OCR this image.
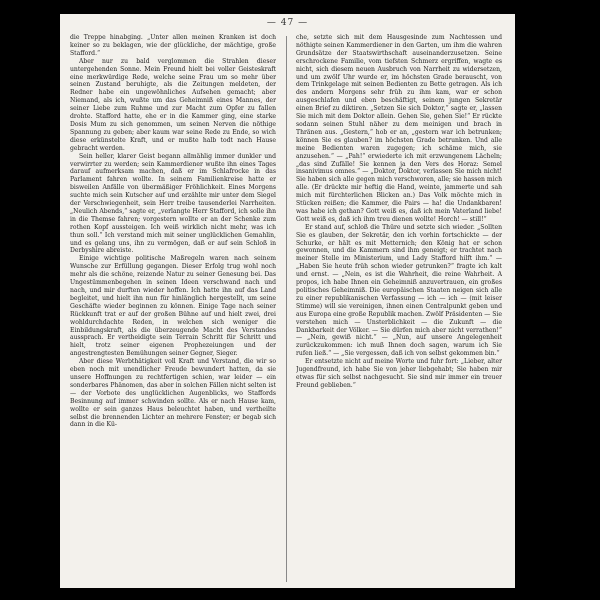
— 47 —

die Treppe hinabging. „Unter allen meinen Kranken ist doch keiner so zu beklagen, wie der glückliche, der mächtige, große Stafford.“

Aber nur zu bald verglommen die Strahlen dieser untergehenden Sonne. Mein Freund hielt bei voller Geisteskraft eine merkwürdige Rede, welche seine Frau um so mehr über seinen Zustand beruhigte, als die Zeitungen meldeten, der Redner habe ein ungewöhnliches Aufsehen gemacht; aber Niemand, als ich, wußte um das Geheimniß eines Mannes, der seiner Liebe zum Ruhme und zur Macht zum Opfer zu fallen drohte. Stafford hatte, ehe er in die Kammer ging, eine starke Dosis Mum zu sich genommen, um seinen Nerven die nöthige Spannung zu geben; aber kaum war seine Rede zu Ende, so wich diese erkünstelte Kraft, und er mußte halb todt nach Hause gebracht werden.

Sein heller, klarer Geist begann allmählig immer dunkler und verwirrter zu werden; sein Kammerdiener wußte ihn eines Tages darauf aufmerksam machen, daß er im Schlafrocke in das Parlament fahren wollte. In seinem Familienkreise hatte er bisweilen Anfälle von übermäßiger Fröhlichkeit. Eines Morgens suchte mich sein Kutscher auf und erzählte mir unter dem Siegel der Verschwiegenheit, sein Herr treibe tausenderlei Narrheiten. „Neulich Abends,“ sagte er, „verlangte Herr Stafford, ich solle ihn in die Themse fahren; vorgestern wollte er an der Schenke zum rothen Kopf aussteigen. Ich weiß wirklich nicht mehr, was ich thun soll.“ Ich verstand mich mit seiner unglücklichen Gemahlin, und es gelang uns, ihn zu vermögen, daß er auf sein Schloß in Derbyshire abreiste.

Einige wichtige politische Maßregeln waren nach seinem Wunsche zur Erfüllung gegangen. Dieser Erfolg trug wohl noch mehr als die schöne, reizende Natur zu seiner Genesung bei. Das Ungestümmenbegehen in seinen Ideen verschwand nach und nach, und mir durften wieder hoffen. Ich hatte ihn auf das Land begleitet, und hielt ihn nun für hinlänglich hergestellt, um seine Geschäfte wieder beginnen zu können. Einige Tage nach seiner Rückkunft trat er auf der großen Bühne auf und hielt zwei, drei wohldurchdachte Reden, in welchen sich weniger die Einbildungskraft, als die überzeugende Macht des Verstandes aussprach. Er vertheidigte sein Terrain Schritt für Schritt und hielt, trotz seiner eigenen Prophezeiungen und der angestrengtesten Bemühungen seiner Gegner, Sieger.

Aber diese Werbthätigkeit voll Kraft und Verstand, die wir so eben noch mit unendlicher Freude bewundert hatten, da sie unsere Hoffnungen zu rechtfertigen schien, war leider — ein sonderbares Phänomen, das aber in solchen Fällen nicht selten ist — der Vorbote des unglücklichen Augenblicks, wo Staffords Besinnung auf immer schwinden sollte. Als er nach Hause kam, wollte er sein ganzes Haus beleuchtet haben, und vertheilte selbst die brennenden Lichter an mehrere Fenster; er begab sich dann in die Kü-

che, setzte sich mit dem Hausgesinde zum Nachtessen und nöthigte seinen Kammerdiener in den Garten, um ihm die wahren Grundsätze der Staatswirthschaft auseinanderzusetzen. Seine erschrockene Familie, vom tiefsten Schmerz ergriffen, wagte es nicht, sich diesem neuen Ausbruch von Narrheit zu widersetzen, und um zwölf Uhr wurde er, im höchsten Grade berauscht, von dem Trinkgelage mit seinen Bedienten zu Bette getragen. Als ich des andern Morgens sehr früh zu ihm kam, war er schon ausgeschlafen und eben beschäftigt, seinem jungen Sekretär einen Brief zu diktiren. „Setzen Sie sich Doktor,“ sagte er, „lassen Sie mich mit dem Doktor allein. Gehen Sie, gehen Sie!“ Er rückte sodann seinen Stuhl näher zu dem meinigen und brach in Thränen aus. „Gestern,“ hob er an, „gestern war ich betrunken; können Sie es glauben? im höchsten Grade betrunken. Und alle meine Bedienten waren zugegen; ich schäme mich, sie anzusehen.“ — „Pah!“ erwiederte ich mit erzwungenem Lächeln; „das sind Zufälle! Sie kennen ja den Vers des Horaz: Semel insanivimus omnes.“ — „Doktor, Doktor, verlassen Sie mich nicht! Sie haben sich alle gegen mich verschworen, alle; sie hassen mich alle. (Er drückte mir heftig die Hand, weinte, jammerte und sah mich mit fürchterlichen Blicken an.) Das Volk möchte mich in Stücken reißen; die Kammer, die Pairs — ha! die Undankbaren! was habe ich gethan? Gott weiß es, daß ich mein Vaterland liebe! Gott weiß es, daß ich ihm treu dienen wollte! Horch! — still!“

Er stand auf, schloß die Thüre und setzte sich wieder. „Sollten Sie es glauben, der Sekretär, den ich vorhin fortschickte — der Schurke, er hält es mit Metternich; den König hat er schon gewonnen, und die Kammern sind ihm geneigt; er trachtet nach meiner Stelle im Ministerium, und Lady Stafford hilft ihm.“ — „Haben Sie heute früh schon wieder getrunken?“ fragte ich kalt und ernst. — „Nein, es ist die Wahrheit, die reine Wahrheit. A propos, ich habe Ihnen ein Geheimniß anzuvertrauen, ein großes politisches Geheimniß. Die europäischen Staaten neigen sich alle zu einer republikanischen Verfassung — ich — ich — (mit leiser Stimme) will sie vereinigen, ihnen einen Centralpunkt geben und aus Europa eine große Republik machen. Zwölf Präsidenten — Sie verstehen mich — Unsterblichkeit — die Zukunft — die Dankbarkeit der Völker. — Sie dürfen mich aber nicht verrathen!“ — „Nein, gewiß nicht.“ — „Nun, auf unsere Angelegenheit zurückzukommen: ich muß Ihnen doch sagen, warum ich Sie rufen ließ.“ — „Sie vergessen, daß ich von selbst gekommen bin.“

Er entsetzte nicht auf meine Worte und fuhr fort: „Lieber, alter Jugendfreund, ich habe Sie von jeher liebgehabt; Sie haben mir etwas für sich selbst nachgesucht. Sie sind mir immer ein treuer Freund geblieben.“
